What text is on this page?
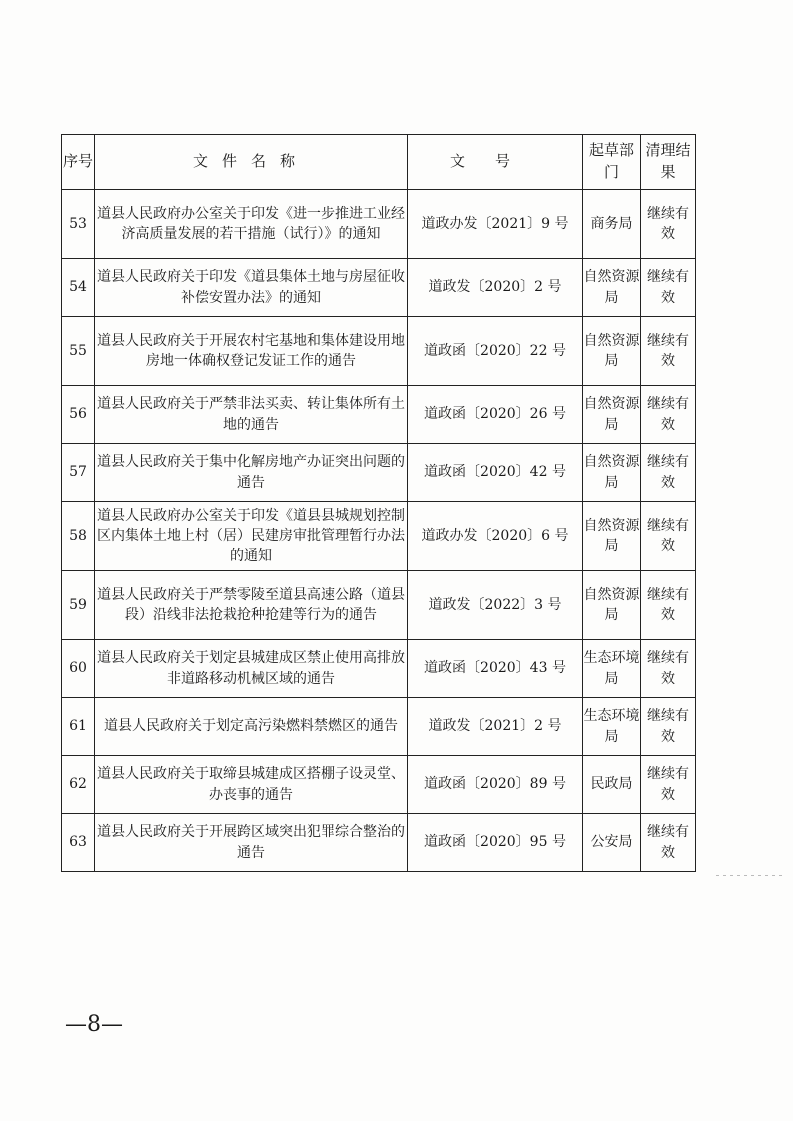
序号	文件名称	文号	起草部门	清理结果
53	道县人民政府办公室关于印发《进一步推进工业经济高质量发展的若干措施（试行）》的通知	道政办发〔2021〕9 号	商务局	继续有效
54	道县人民政府关于印发《道县集体土地与房屋征收补偿安置办法》的通知	道政发〔2020〕2 号	自然资源局	继续有效
55	道县人民政府关于开展农村宅基地和集体建设用地房地一体确权登记发证工作的通告	道政函〔2020〕22 号	自然资源局	继续有效
56	道县人民政府关于严禁非法买卖、转让集体所有土地的通告	道政函〔2020〕26 号	自然资源局	继续有效
57	道县人民政府关于集中化解房地产办证突出问题的通告	道政函〔2020〕42 号	自然资源局	继续有效
58	道县人民政府办公室关于印发《道县县城规划控制区内集体土地上村（居）民建房审批管理暂行办法的通知	道政办发〔2020〕6 号	自然资源局	继续有效
59	道县人民政府关于严禁零陵至道县高速公路（道县段）沿线非法抢栽抢种抢建等行为的通告	道政发〔2022〕3 号	自然资源局	继续有效
60	道县人民政府关于划定县城建成区禁止使用高排放非道路移动机械区域的通告	道政函〔2020〕43 号	生态环境局	继续有效
61	道县人民政府关于划定高污染燃料禁燃区的通告	道政发〔2021〕2 号	生态环境局	继续有效
62	道县人民政府关于取缔县城建成区搭棚子设灵堂、办丧事的通告	道政函〔2020〕89 号	民政局	继续有效
63	道县人民政府关于开展跨区域突出犯罪综合整治的通告	道政函〔2020〕95 号	公安局	继续有效
—8—
